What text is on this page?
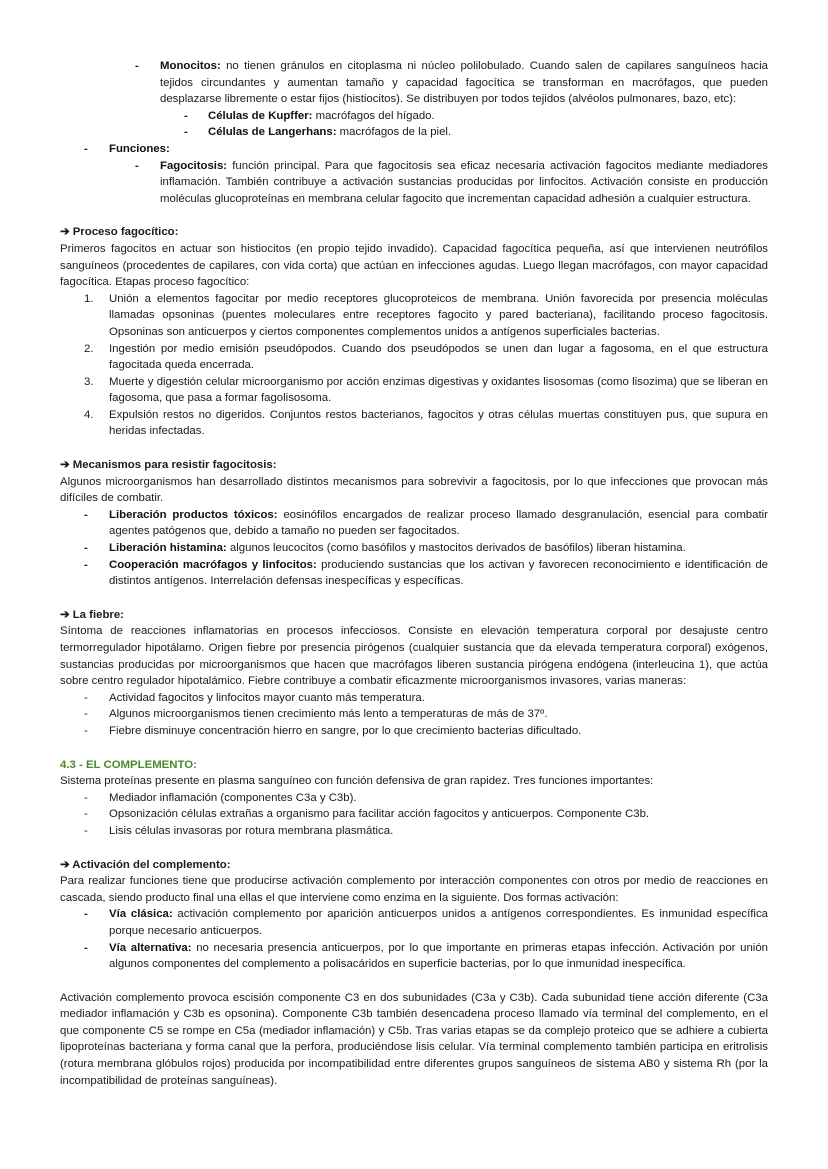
-	Monocitos: no tienen gránulos en citoplasma ni núcleo polilobulado. Cuando salen de capilares sanguíneos hacia tejidos circundantes y aumentan tamaño y capacidad fagocítica se transforman en macrófagos, que pueden desplazarse libremente o estar fijos (histiocitos). Se distribuyen por todos tejidos (alvéolos pulmonares, bazo, etc):
-	Células de Kupffer: macrófagos del hígado.
-	Células de Langerhans: macrófagos de la piel.
-	Funciones:
-	Fagocitosis: función principal. Para que fagocitosis sea eficaz necesaria activación fagocitos mediante mediadores inflamación. También contribuye a activación sustancias producidas por linfocitos. Activación consiste en producción moléculas glucoproteínas en membrana celular fagocito que incrementan capacidad adhesión a cualquier estructura.

➔ Proceso fagocítico:

Primeros fagocitos en actuar son histiocitos (en propio tejido invadido). Capacidad fagocítica pequeña, así que intervienen neutrófilos sanguíneos (procedentes de capilares, con vida corta) que actúan en infecciones agudas. Luego llegan macrófagos, con mayor capacidad fagocítica. Etapas proceso fagocítico:

1.	Unión a elementos fagocitar por medio receptores glucoproteicos de membrana. Unión favorecida por presencia moléculas llamadas opsoninas (puentes moleculares entre receptores fagocito y pared bacteriana), facilitando proceso fagocitosis. Opsoninas son anticuerpos y ciertos componentes complementos unidos a antígenos superficiales bacterias.
2.	Ingestión por medio emisión pseudópodos. Cuando dos pseudópodos se unen dan lugar a fagosoma, en el que estructura fagocitada queda encerrada.
3.	Muerte y digestión celular microorganismo por acción enzimas digestivas y oxidantes lisosomas (como lisozima) que se liberan en fagosoma, que pasa a formar fagolisosoma.
4.	Expulsión restos no digeridos. Conjuntos restos bacterianos, fagocitos y otras células muertas constituyen pus, que supura en heridas infectadas.

➔ Mecanismos para resistir fagocitosis:

Algunos microorganismos han desarrollado distintos mecanismos para sobrevivir a fagocitosis, por lo que infecciones que provocan más difíciles de combatir.

-	Liberación productos tóxicos: eosinófilos encargados de realizar proceso llamado desgranulación, esencial para combatir agentes patógenos que, debido a tamaño no pueden ser fagocitados.
-	Liberación histamina: algunos leucocitos (como basófilos y mastocitos derivados de basófilos) liberan histamina.
-	Cooperación macrófagos y linfocitos: produciendo sustancias que los activan y favorecen reconocimiento e identificación de distintos antígenos. Interrelación defensas inespecíficas y específicas.

➔ La fiebre:

Síntoma de reacciones inflamatorias en procesos infecciosos. Consiste en elevación temperatura corporal por desajuste centro termorregulador hipotálamo. Origen fiebre por presencia pirógenos (cualquier sustancia que da elevada temperatura corporal) exógenos, sustancias producidas por microorganismos que hacen que macrófagos liberen sustancia pirógena endógena (interleucina 1), que actúa sobre centro regulador hipotalámico. Fiebre contribuye a combatir eficazmente microorganismos invasores, varias maneras:

-	Actividad fagocitos y linfocitos mayor cuanto más temperatura.
-	Algunos microorganismos tienen crecimiento más lento a temperaturas de más de 37º.
-	Fiebre disminuye concentración hierro en sangre, por lo que crecimiento bacterias dificultado.

4.3 - EL COMPLEMENTO:

Sistema proteínas presente en plasma sanguíneo con función defensiva de gran rapidez. Tres funciones importantes:

-	Mediador inflamación (componentes C3a y C3b).
-	Opsonización células extrañas a organismo para facilitar acción fagocitos y anticuerpos. Componente C3b.
-	Lisis células invasoras por rotura membrana plasmática.

➔ Activación del complemento:

Para realizar funciones tiene que producirse activación complemento por interacción componentes con otros por medio de reacciones en cascada, siendo producto final una ellas el que interviene como enzima en la siguiente. Dos formas activación:

-	Vía clásica: activación complemento por aparición anticuerpos unidos a antígenos correspondientes. Es inmunidad específica porque necesario anticuerpos.
-	Vía alternativa: no necesaria presencia anticuerpos, por lo que importante en primeras etapas infección. Activación por unión algunos componentes del complemento a polisacáridos en superficie bacterias, por lo que inmunidad inespecífica.

Activación complemento provoca escisión componente C3 en dos subunidades (C3a y C3b). Cada subunidad tiene acción diferente (C3a mediador inflamación y C3b es opsonina). Componente C3b también desencadena proceso llamado vía terminal del complemento, en el que componente C5 se rompe en C5a (mediador inflamación) y C5b. Tras varias etapas se da complejo proteico que se adhiere a cubierta lipoproteínas bacteriana y forma canal que la perfora, produciéndose lisis celular. Vía terminal complemento también participa en eritrolisis (rotura membrana glóbulos rojos) producida por incompatibilidad entre diferentes grupos sanguíneos de sistema AB0 y sistema Rh (por la incompatibilidad de proteínas sanguíneas).
